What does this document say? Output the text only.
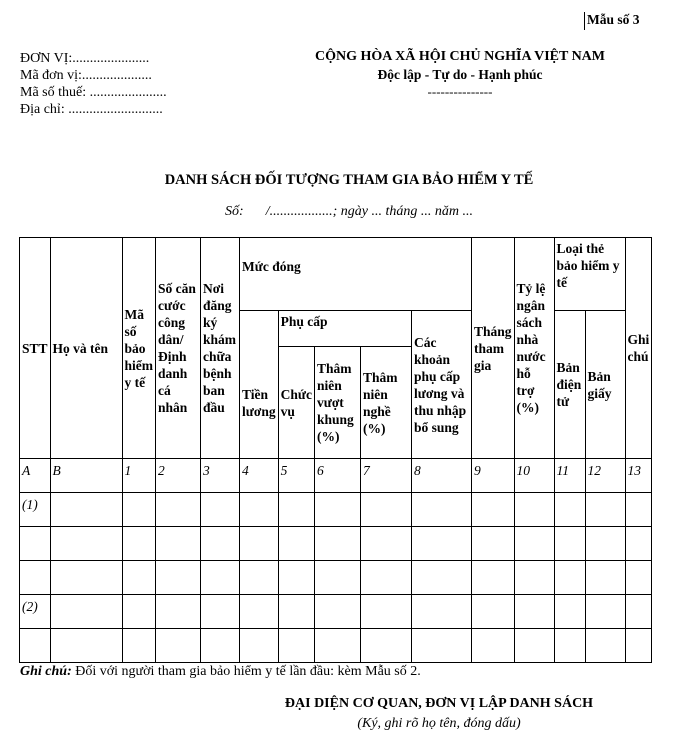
Mẫu số 3
ĐƠN VỊ:......................
Mã đơn vị:....................
Mã số thuế: ......................
Địa chỉ: ...........................
CỘNG HÒA XÃ HỘI CHỦ NGHĨA VIỆT NAM
Độc lập - Tự do - Hạnh phúc
---------------
DANH SÁCH ĐỐI TƯỢNG THAM GIA BẢO HIỂM Y TẾ
Số: /..................; ngày ... tháng ... năm ...
STT	Họ và tên	Mã số bảo hiểm y tế	Số căn cước công dân/ Định danh cá nhân	Nơi đăng ký khám chữa bệnh ban đầu	Mức đóng					Tháng tham gia	Tỷ lệ ngân sách nhà nước hỗ trợ (%)	Loại thẻ bảo hiểm y tế		Ghi chú
					Tiền lương	Phụ cấp			Các khoản phụ cấp lương và thu nhập bổ sung			Bản điện tử	Bản giấy	
						Chức vụ	Thâm niên vượt khung (%)	Thâm niên nghề (%)						
A	B	1	2	3	4	5	6	7	8	9	10	11	12	13
(1)														

(2)														

Ghi chú: Đối với người tham gia bảo hiểm y tế lần đầu: kèm Mẫu số 2.
ĐẠI DIỆN CƠ QUAN, ĐƠN VỊ LẬP DANH SÁCH
(Ký, ghi rõ họ tên, đóng dấu)
